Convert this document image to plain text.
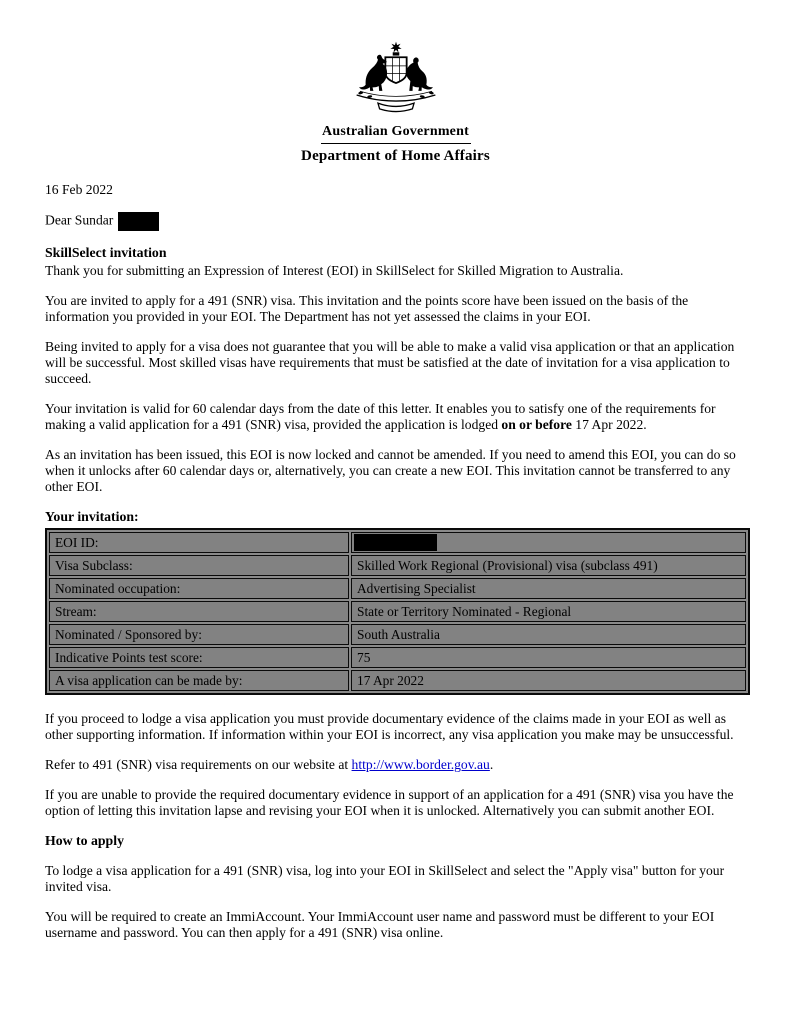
Australian Government
Department of Home Affairs

16 Feb 2022

Dear Sundar

SkillSelect invitation

Thank you for submitting an Expression of Interest (EOI) in SkillSelect for Skilled Migration to Australia.

You are invited to apply for a 491 (SNR) visa. This invitation and the points score have been issued on the basis of the information you provided in your EOI. The Department has not yet assessed the claims in your EOI.

Being invited to apply for a visa does not guarantee that you will be able to make a valid visa application or that an application will be successful. Most skilled visas have requirements that must be satisfied at the date of invitation for a visa application to succeed.

Your invitation is valid for 60 calendar days from the date of this letter. It enables you to satisfy one of the requirements for making a valid application for a 491 (SNR) visa, provided the application is lodged on or before 17 Apr 2022.

As an invitation has been issued, this EOI is now locked and cannot be amended. If you need to amend this EOI, you can do so when it unlocks after 60 calendar days or, alternatively, you can create a new EOI. This invitation cannot be transferred to any other EOI.

Your invitation:
EOI ID:	
Visa Subclass:	Skilled Work Regional (Provisional) visa (subclass 491)
Nominated occupation:	Advertising Specialist
Stream:	State or Territory Nominated - Regional
Nominated / Sponsored by:	South Australia
Indicative Points test score:	75
A visa application can be made by:	17 Apr 2022

If you proceed to lodge a visa application you must provide documentary evidence of the claims made in your EOI as well as other supporting information. If information within your EOI is incorrect, any visa application you make may be unsuccessful.

Refer to 491 (SNR) visa requirements on our website at http://www.border.gov.au.

If you are unable to provide the required documentary evidence in support of an application for a 491 (SNR) visa you have the option of letting this invitation lapse and revising your EOI when it is unlocked. Alternatively you can submit another EOI.

How to apply

To lodge a visa application for a 491 (SNR) visa, log into your EOI in SkillSelect and select the "Apply visa" button for your invited visa.

You will be required to create an ImmiAccount. Your ImmiAccount user name and password must be different to your EOI username and password. You can then apply for a 491 (SNR) visa online.
